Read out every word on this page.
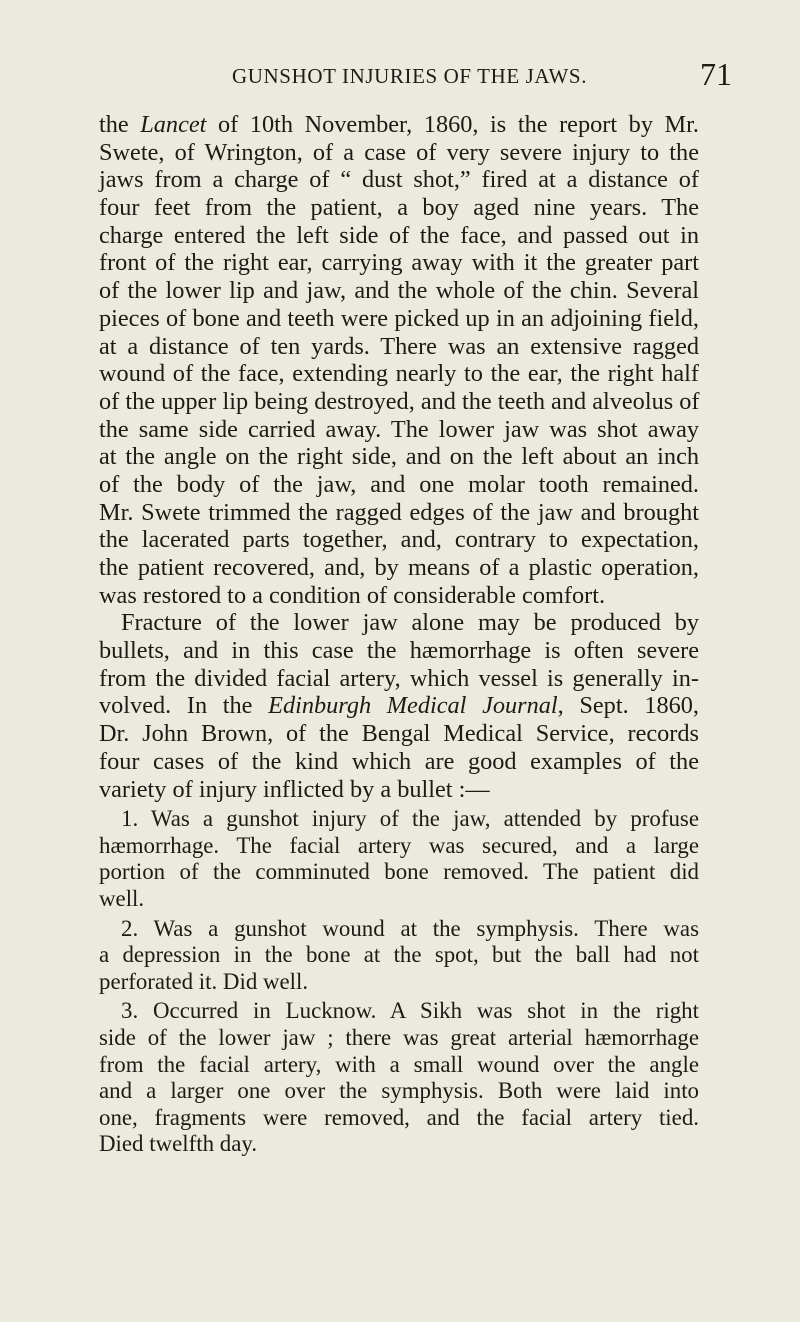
GUNSHOT INJURIES OF THE JAWS.	71
the Lancet of 10th November, 1860, is the report by Mr.
Swete, of Wrington, of a case of very severe injury to the
jaws from a charge of “ dust shot,” fired at a distance of
four feet from the patient, a boy aged nine years. The
charge entered the left side of the face, and passed out in
front of the right ear, carrying away with it the greater part
of the lower lip and jaw, and the whole of the chin. Several
pieces of bone and teeth were picked up in an adjoining field,
at a distance of ten yards. There was an extensive ragged
wound of the face, extending nearly to the ear, the right half
of the upper lip being destroyed, and the teeth and alveolus of
the same side carried away. The lower jaw was shot away
at the angle on the right side, and on the left about an inch
of the body of the jaw, and one molar tooth remained.
Mr. Swete trimmed the ragged edges of the jaw and brought
the lacerated parts together, and, contrary to expectation,
the patient recovered, and, by means of a plastic operation,
was restored to a condition of considerable comfort.
Fracture of the lower jaw alone may be produced by
bullets, and in this case the hæmorrhage is often severe
from the divided facial artery, which vessel is generally in-
volved. In the Edinburgh Medical Journal, Sept. 1860,
Dr. John Brown, of the Bengal Medical Service, records
four cases of the kind which are good examples of the
variety of injury inflicted by a bullet :—
1. Was a gunshot injury of the jaw, attended by profuse
hæmorrhage. The facial artery was secured, and a large
portion of the comminuted bone removed. The patient did
well.
2. Was a gunshot wound at the symphysis. There was
a depression in the bone at the spot, but the ball had not
perforated it. Did well.
3. Occurred in Lucknow. A Sikh was shot in the right
side of the lower jaw ; there was great arterial hæmorrhage
from the facial artery, with a small wound over the angle
and a larger one over the symphysis. Both were laid into
one, fragments were removed, and the facial artery tied.
Died twelfth day.
